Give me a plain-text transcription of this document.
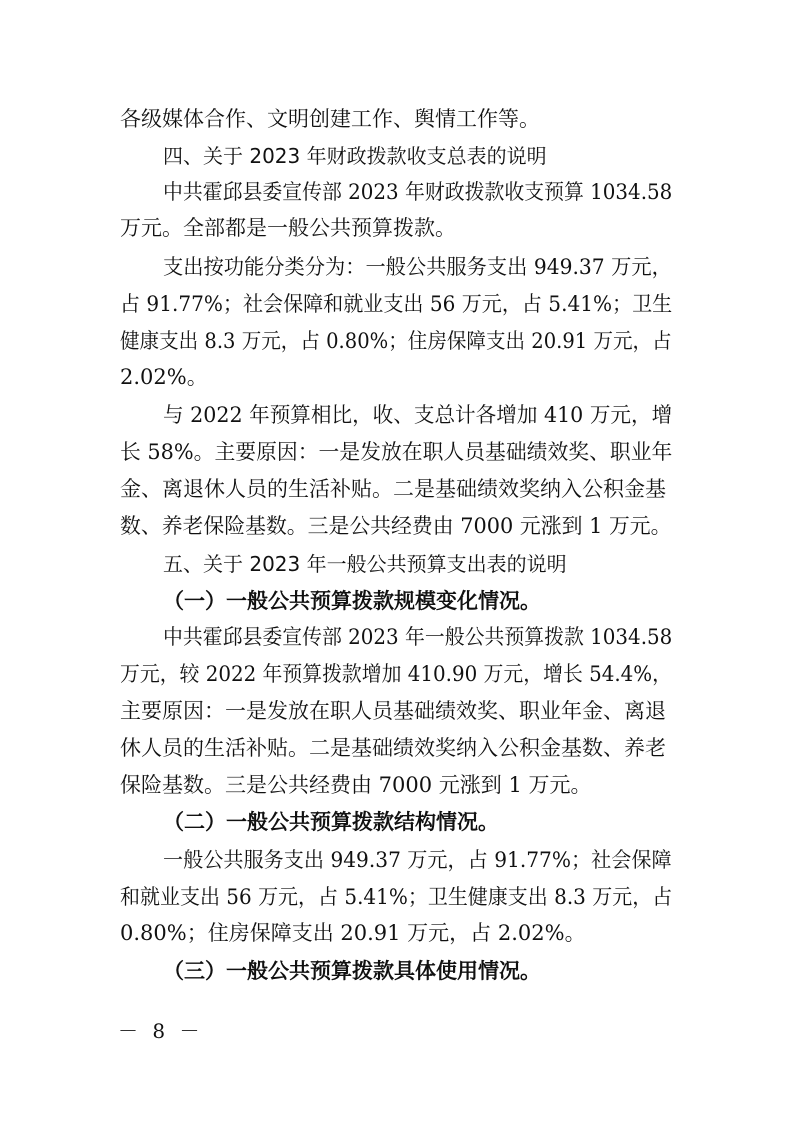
各级媒体合作、文明创建工作、舆情工作等。
四、关于 2023 年财政拨款收支总表的说明
中共霍邱县委宣传部 2023 年财政拨款收支预算 1034.58
万元。全部都是一般公共预算拨款。
支出按功能分类分为：一般公共服务支出 949.37 万元，
占 91.77%；社会保障和就业支出 56 万元，占 5.41%；卫生
健康支出 8.3 万元，占 0.80%；住房保障支出 20.91 万元，占
2.02%。
与 2022 年预算相比，收、支总计各增加 410 万元，增
长 58%。主要原因：一是发放在职人员基础绩效奖、职业年
金、离退休人员的生活补贴。二是基础绩效奖纳入公积金基
数、养老保险基数。三是公共经费由 7000 元涨到 1 万元。
五、关于 2023 年一般公共预算支出表的说明
（一）一般公共预算拨款规模变化情况。
中共霍邱县委宣传部 2023 年一般公共预算拨款 1034.58
万元，较 2022 年预算拨款增加 410.90 万元，增长 54.4%，
主要原因：一是发放在职人员基础绩效奖、职业年金、离退
休人员的生活补贴。二是基础绩效奖纳入公积金基数、养老
保险基数。三是公共经费由 7000 元涨到 1 万元。
（二）一般公共预算拨款结构情况。
一般公共服务支出 949.37 万元，占 91.77%；社会保障
和就业支出 56 万元，占 5.41%；卫生健康支出 8.3 万元，占
0.80%；住房保障支出 20.91 万元，占 2.02%。
（三）一般公共预算拨款具体使用情况。
－ 8 －
